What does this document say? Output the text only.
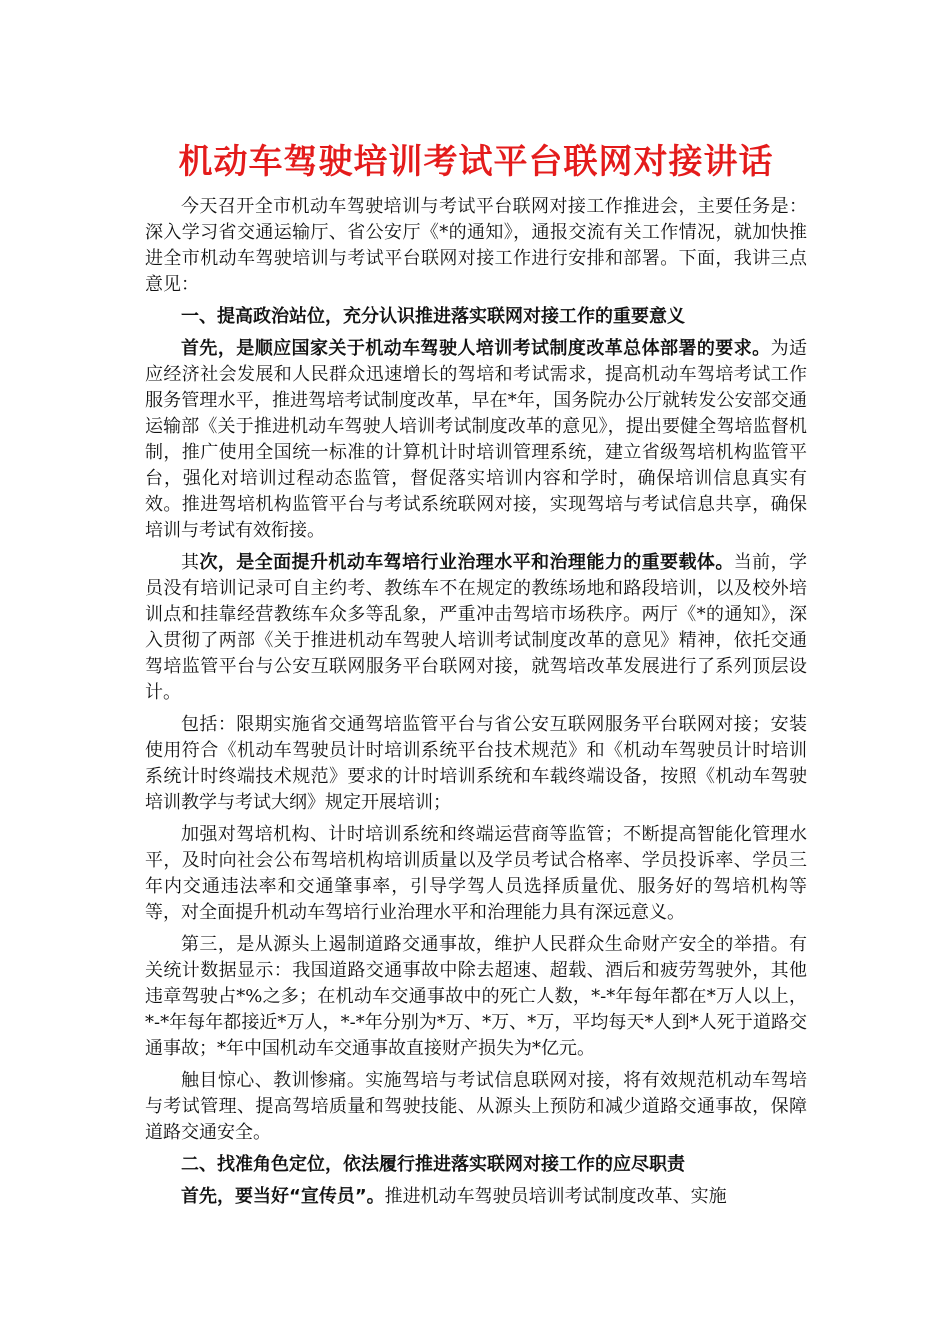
机动车驾驶培训考试平台联网对接讲话

今天召开全市机动车驾驶培训与考试平台联网对接工作推进会，主要任务是：深入学习省交通运输厅、省公安厅《*的通知》，通报交流有关工作情况，就加快推进全市机动车驾驶培训与考试平台联网对接工作进行安排和部署。下面，我讲三点意见：

一、提高政治站位，充分认识推进落实联网对接工作的重要意义

首先，是顺应国家关于机动车驾驶人培训考试制度改革总体部署的要求。为适应经济社会发展和人民群众迅速增长的驾培和考试需求，提高机动车驾培考试工作服务管理水平，推进驾培考试制度改革，早在*年，国务院办公厅就转发公安部交通运输部《关于推进机动车驾驶人培训考试制度改革的意见》，提出要健全驾培监督机制，推广使用全国统一标准的计算机计时培训管理系统，建立省级驾培机构监管平台，强化对培训过程动态监管，督促落实培训内容和学时，确保培训信息真实有效。推进驾培机构监管平台与考试系统联网对接，实现驾培与考试信息共享，确保培训与考试有效衔接。

其次，是全面提升机动车驾培行业治理水平和治理能力的重要载体。当前，学员没有培训记录可自主约考、教练车不在规定的教练场地和路段培训，以及校外培训点和挂靠经营教练车众多等乱象，严重冲击驾培市场秩序。两厅《*的通知》，深入贯彻了两部《关于推进机动车驾驶人培训考试制度改革的意见》精神，依托交通驾培监管平台与公安互联网服务平台联网对接，就驾培改革发展进行了系列顶层设计。

包括：限期实施省交通驾培监管平台与省公安互联网服务平台联网对接；安装使用符合《机动车驾驶员计时培训系统平台技术规范》和《机动车驾驶员计时培训系统计时终端技术规范》要求的计时培训系统和车载终端设备，按照《机动车驾驶培训教学与考试大纲》规定开展培训；

加强对驾培机构、计时培训系统和终端运营商等监管；不断提高智能化管理水平，及时向社会公布驾培机构培训质量以及学员考试合格率、学员投诉率、学员三年内交通违法率和交通肇事率，引导学驾人员选择质量优、服务好的驾培机构等等，对全面提升机动车驾培行业治理水平和治理能力具有深远意义。

第三，是从源头上遏制道路交通事故，维护人民群众生命财产安全的举措。有关统计数据显示：我国道路交通事故中除去超速、超载、酒后和疲劳驾驶外，其他违章驾驶占*%之多；在机动车交通事故中的死亡人数，*-*年每年都在*万人以上，*-*年每年都接近*万人，*-*年分别为*万、*万、*万，平均每天*人到*人死于道路交通事故；*年中国机动车交通事故直接财产损失为*亿元。

触目惊心、教训惨痛。实施驾培与考试信息联网对接，将有效规范机动车驾培与考试管理、提高驾培质量和驾驶技能、从源头上预防和减少道路交通事故，保障道路交通安全。

二、找准角色定位，依法履行推进落实联网对接工作的应尽职责

首先，要当好“宣传员”。推进机动车驾驶员培训考试制度改革、实施
